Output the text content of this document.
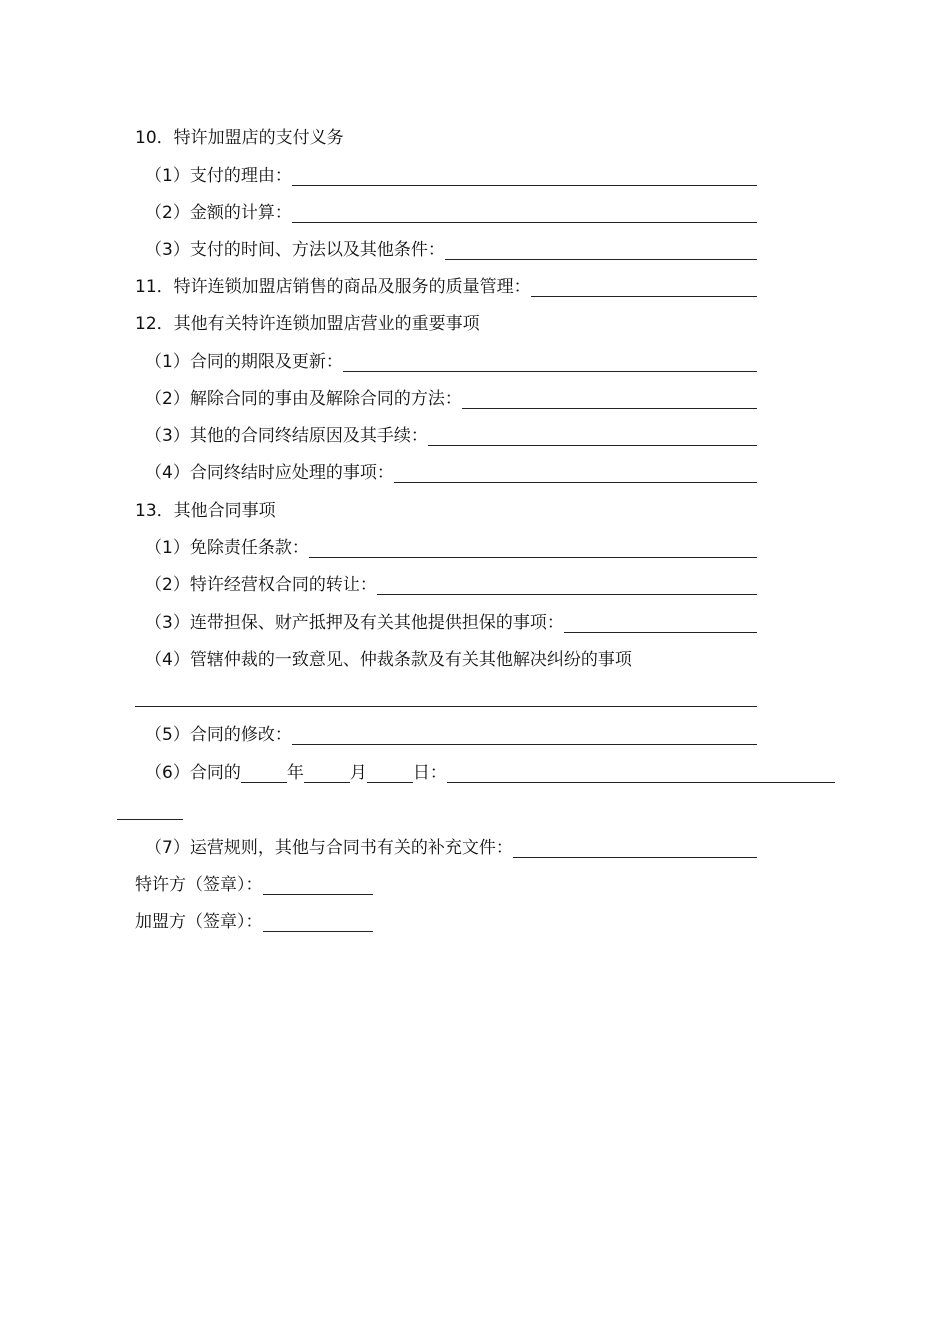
10．特许加盟店的支付义务
（1）支付的理由：
（2）金额的计算：
（3）支付的时间、方法以及其他条件：
11．特许连锁加盟店销售的商品及服务的质量管理：
12．其他有关特许连锁加盟店营业的重要事项
（1）合同的期限及更新：
（2）解除合同的事由及解除合同的方法：
（3）其他的合同终结原因及其手续：
（4）合同终结时应处理的事项：
13．其他合同事项
（1）免除责任条款：
（2）特许经营权合同的转让：
（3）连带担保、财产抵押及有关其他提供担保的事项：
（4）管辖仲裁的一致意见、仲裁条款及有关其他解决纠纷的事项
（5）合同的修改：
（6）合同的	年	月	日：
（7）运营规则，其他与合同书有关的补充文件：
特许方（签章）：
加盟方（签章）：
